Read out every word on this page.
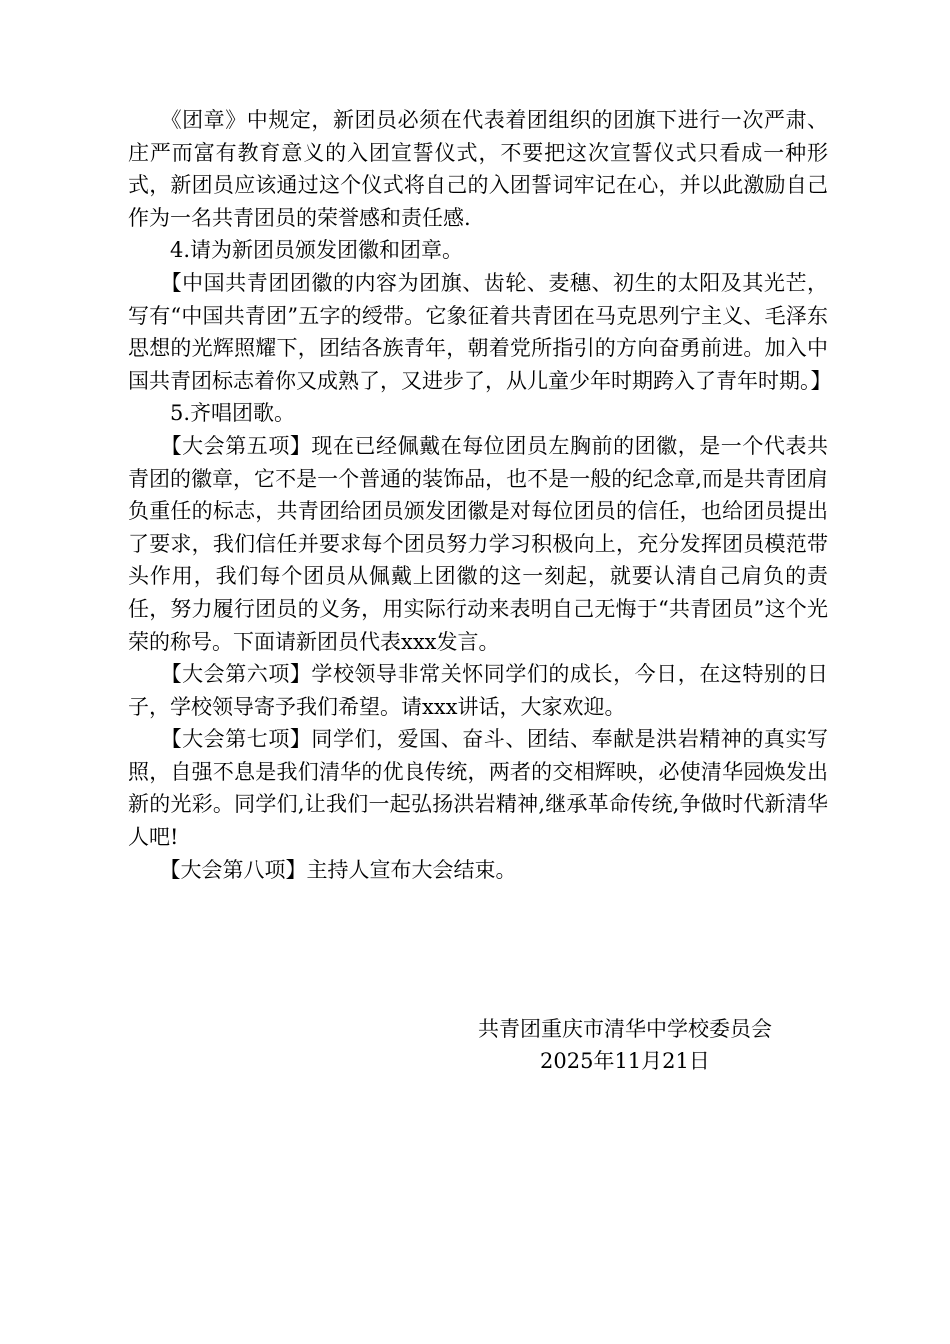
　　《团章》中规定，新团员必须在代表着团组织的团旗下进行一次严肃、庄严而富有教育意义的入团宣誓仪式，不要把这次宣誓仪式只看成一种形式，新团员应该通过这个仪式将自己的入团誓词牢记在心，并以此激励自己作为一名共青团员的荣誉感和责任感.

　　4.请为新团员颁发团徽和团章。

　　【中国共青团团徽的内容为团旗、齿轮、麦穗、初生的太阳及其光芒，写有“中国共青团”五字的绶带。它象征着共青团在马克思列宁主义、毛泽东思想的光辉照耀下，团结各族青年，朝着党所指引的方向奋勇前进。加入中国共青团标志着你又成熟了，又进步了，从儿童少年时期跨入了青年时期。】

　　5.齐唱团歌。

　　【大会第五项】现在已经佩戴在每位团员左胸前的团徽，是一个代表共青团的徽章，它不是一个普通的装饰品，也不是一般的纪念章,而是共青团肩负重任的标志，共青团给团员颁发团徽是对每位团员的信任，也给团员提出了要求，我们信任并要求每个团员努力学习积极向上，充分发挥团员模范带头作用，我们每个团员从佩戴上团徽的这一刻起，就要认清自己肩负的责任，努力履行团员的义务，用实际行动来表明自己无悔于“共青团员”这个光荣的称号。下面请新团员代表xxx发言。

　　【大会第六项】学校领导非常关怀同学们的成长，今日，在这特别的日子，学校领导寄予我们希望。请xxx讲话，大家欢迎。

　　【大会第七项】同学们，爱国、奋斗、团结、奉献是洪岩精神的真实写照，自强不息是我们清华的优良传统，两者的交相辉映，必使清华园焕发出新的光彩。同学们,让我们一起弘扬洪岩精神,继承革命传统,争做时代新清华人吧!

　　【大会第八项】主持人宣布大会结束。

共青团重庆市清华中学校委员会
2025年11月21日
